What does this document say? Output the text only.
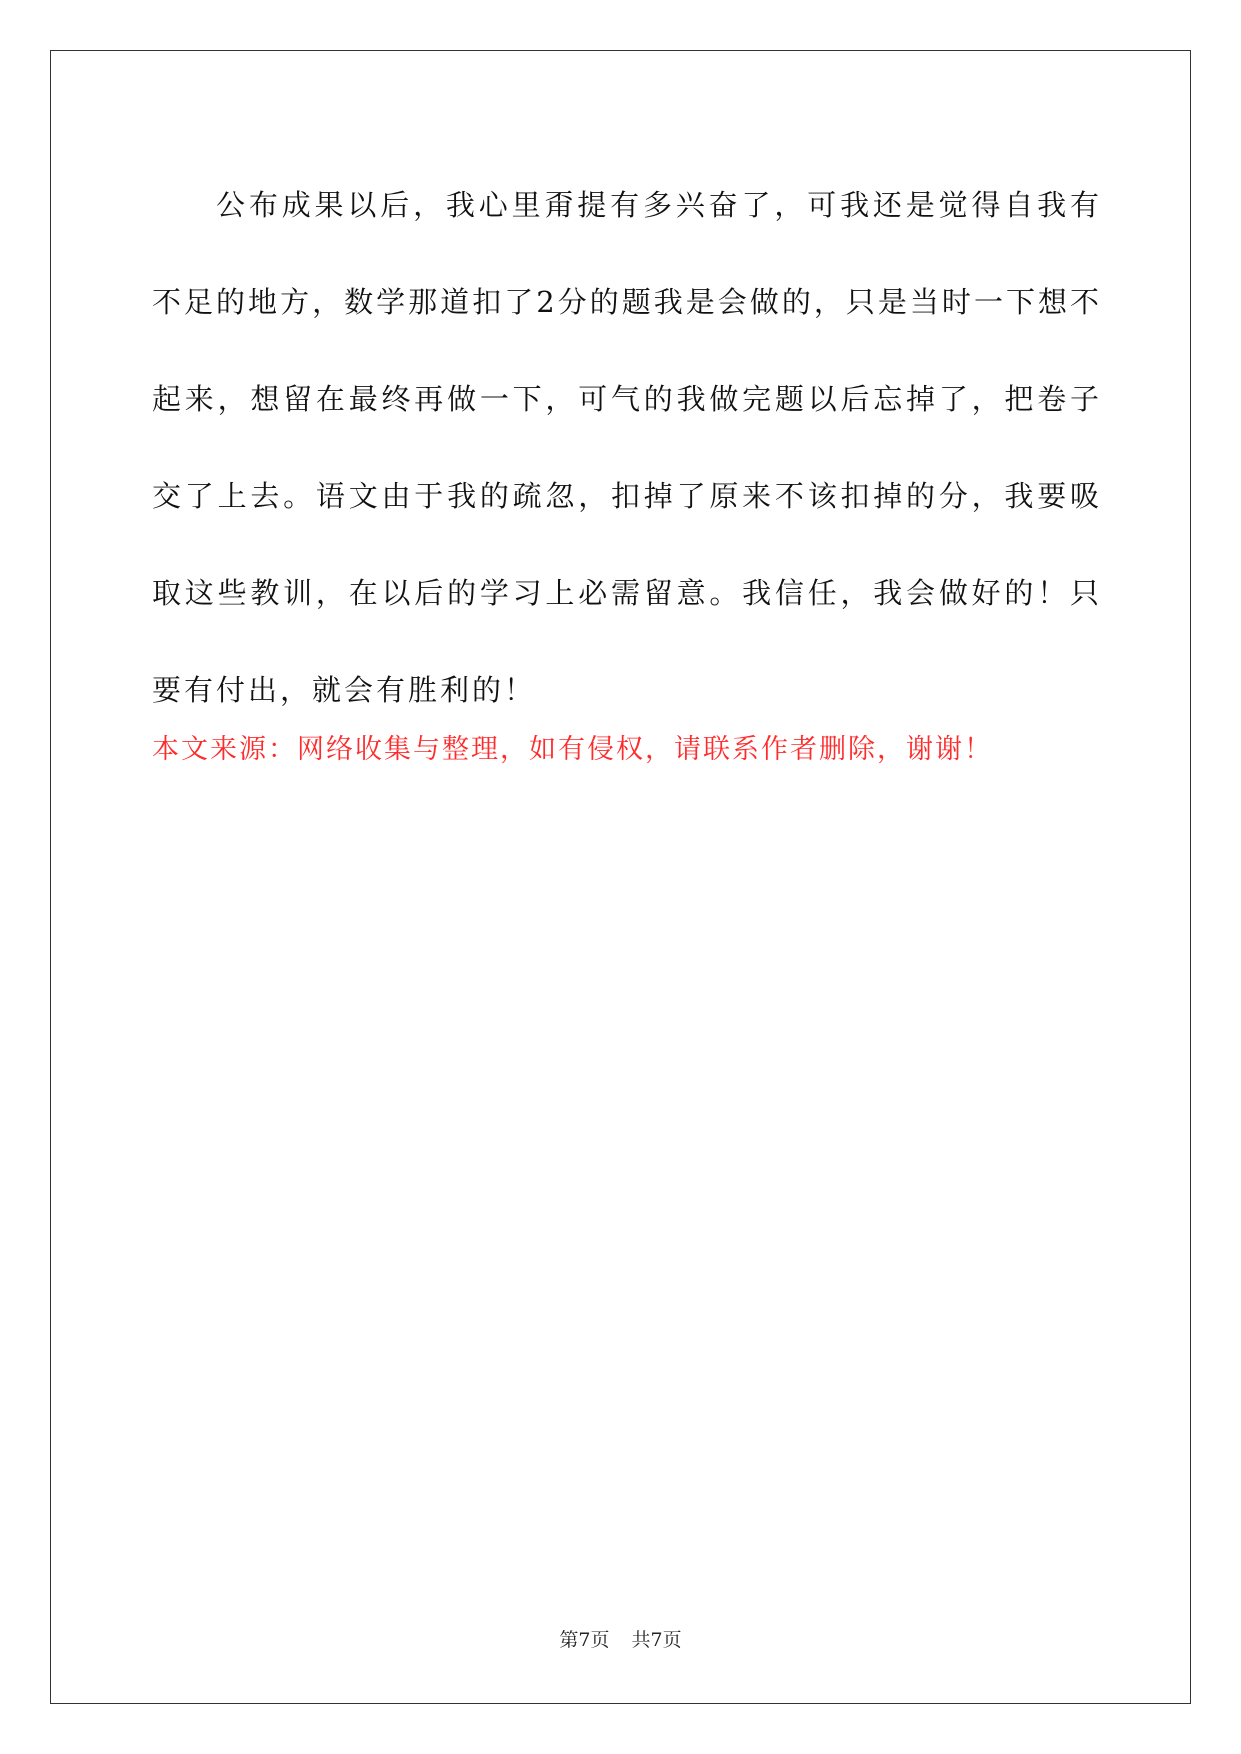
公布成果以后，我心里甭提有多兴奋了，可我还是觉得自我有不足的地方，数学那道扣了2分的题我是会做的，只是当时一下想不起来，想留在最终再做一下，可气的我做完题以后忘掉了，把卷子交了上去。语文由于我的疏忽，扣掉了原来不该扣掉的分，我要吸取这些教训，在以后的学习上必需留意。我信任，我会做好的！只要有付出，就会有胜利的！

本文来源：网络收集与整理，如有侵权，请联系作者删除，谢谢！

第7页 共7页
